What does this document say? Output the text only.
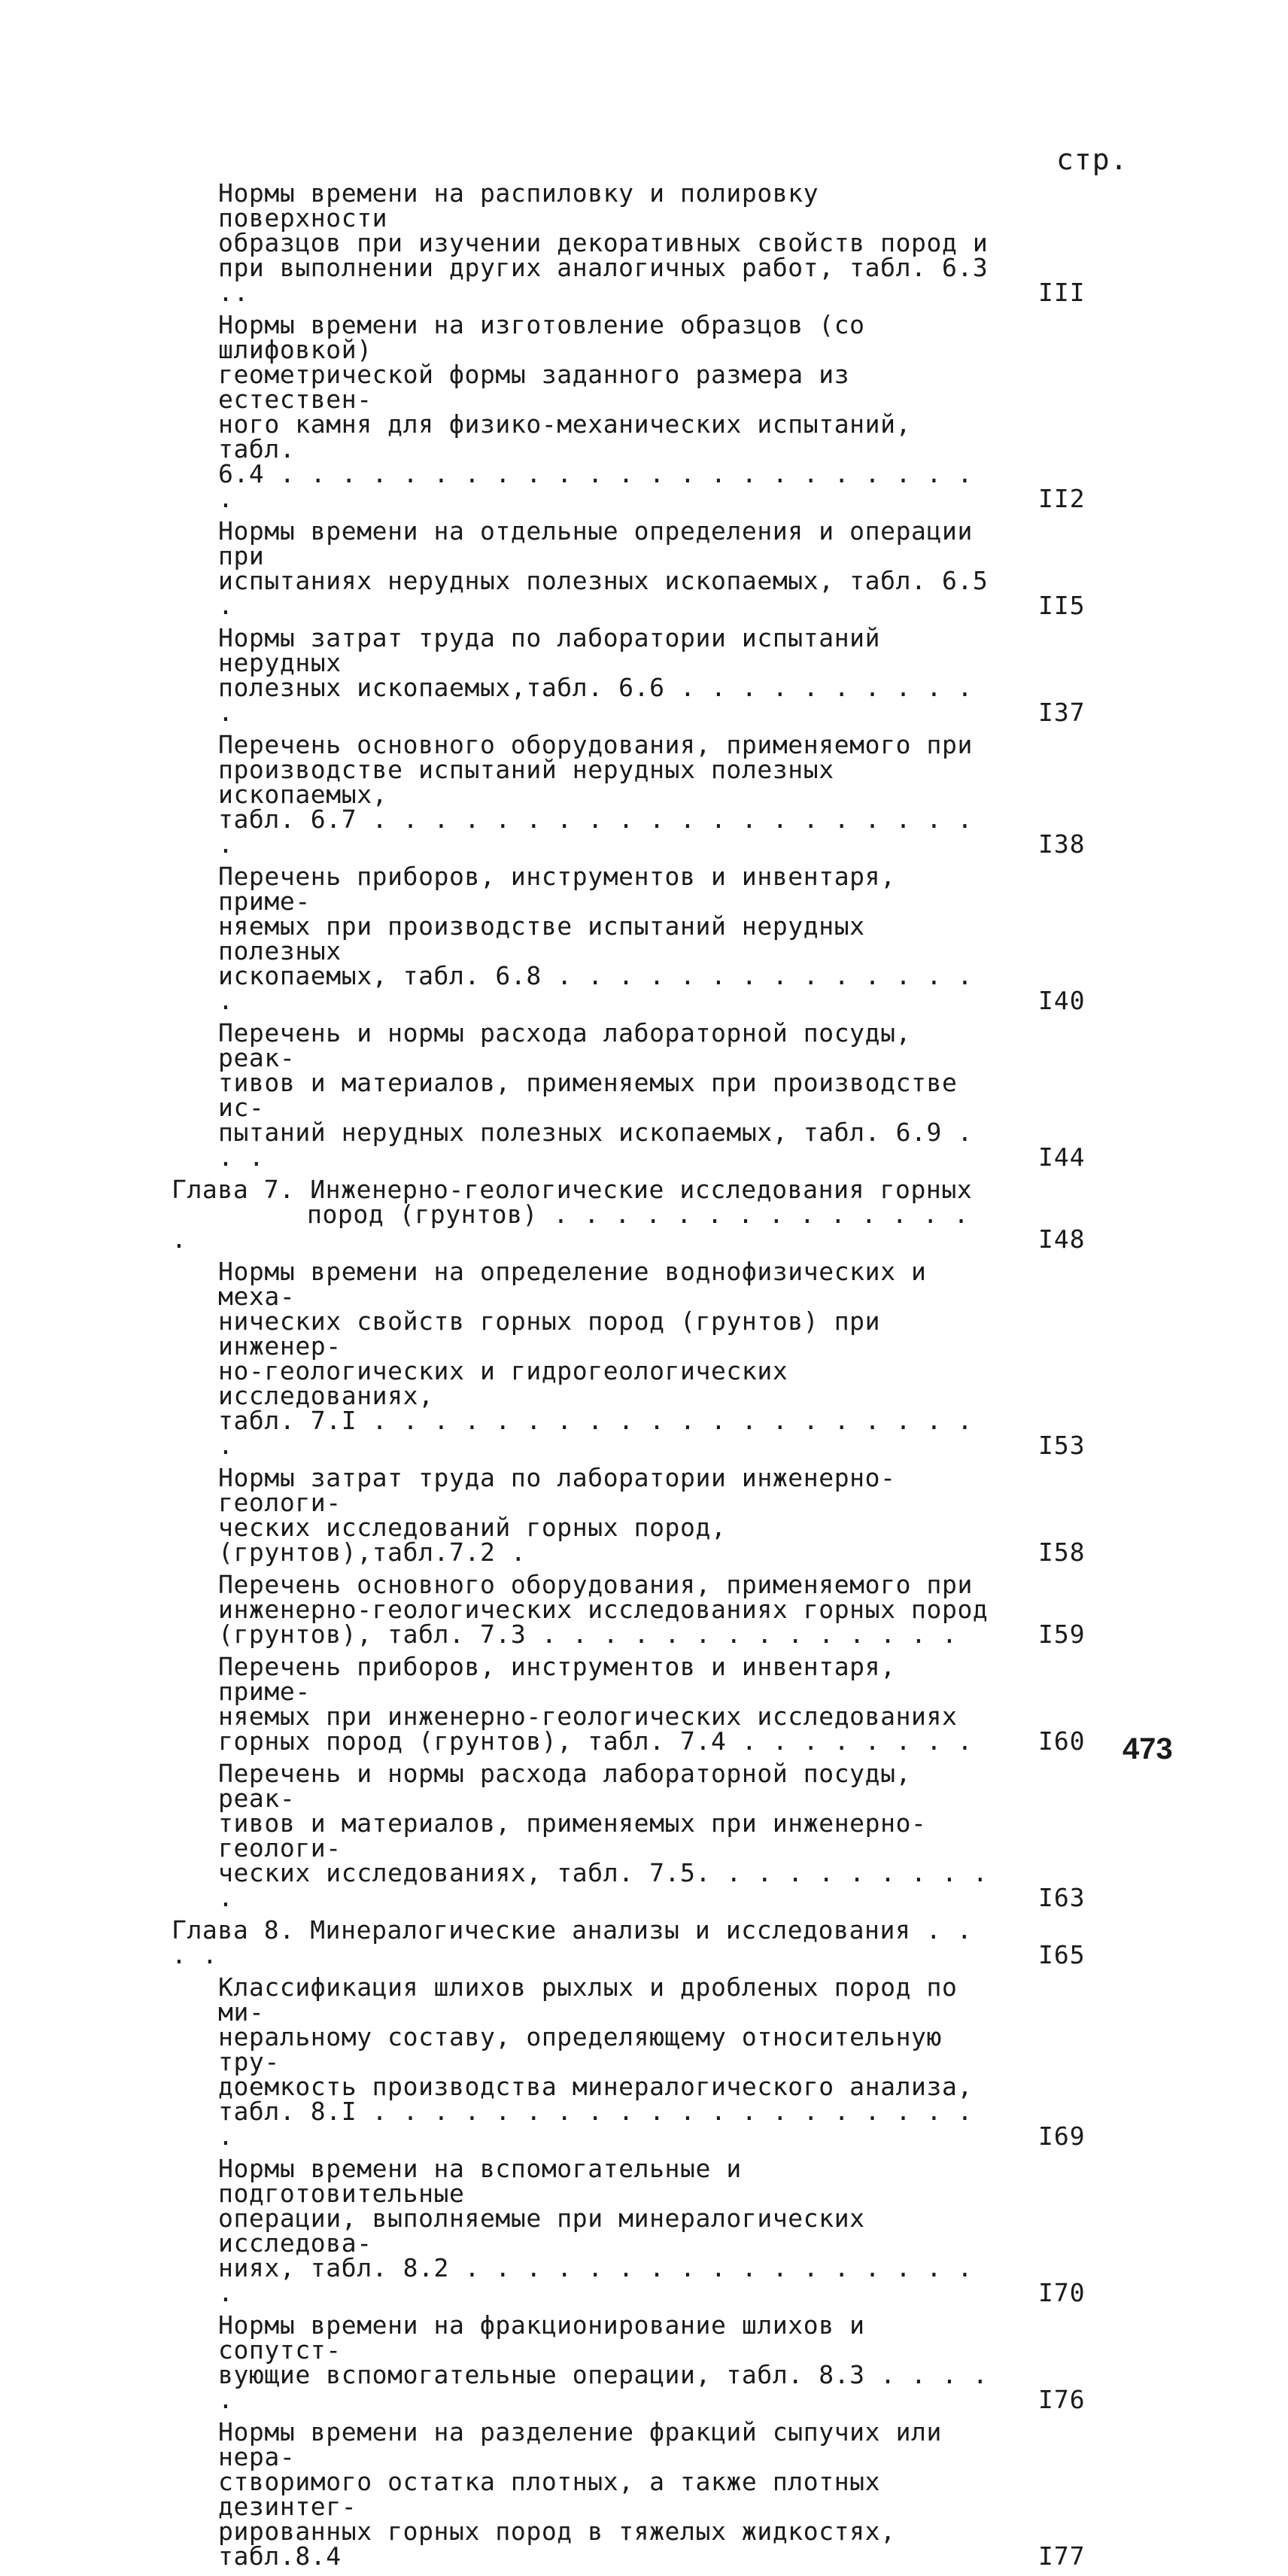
стр.
Нормы времени на распиловку и полировку поверхности
образцов при изучении декоративных свойств пород и
при выполнении других аналогичных работ, табл. 6.3 ..	III
Нормы времени на изготовление образцов (со шлифовкой)
геометрической формы заданного размера из естествен-
ного камня для физико-механических испытаний, табл.
6.4 . . . . . . . . . . . . . . . . . . . . . . . .	II2
Нормы времени на отдельные определения и операции при
испытаниях нерудных полезных ископаемых, табл. 6.5 .	II5
Нормы затрат труда по лаборатории испытаний нерудных
полезных ископаемых,табл. 6.6 . . . . . . . . . . .	I37
Перечень основного оборудования, применяемого при
производстве испытаний нерудных полезных ископаемых,
табл. 6.7 . . . . . . . . . . . . . . . . . . . . .	I38
Перечень приборов, инструментов и инвентаря, приме-
няемых при производстве испытаний нерудных полезных
ископаемых, табл. 6.8 . . . . . . . . . . . . . . .	I40
Перечень и нормы расхода лабораторной посуды, реак-
тивов и материалов, применяемых при производстве ис-
пытаний нерудных полезных ископаемых, табл. 6.9 . . .	I44
Глава 7. Инженерно-геологические исследования горных
пород (грунтов) . . . . . . . . . . . . . . .	I48
Нормы времени на определение воднофизических и меха-
нических свойств горных пород (грунтов) при инженер-
но-геологических и гидрогеологических исследованиях,
табл. 7.I . . . . . . . . . . . . . . . . . . . . .	I53
Нормы затрат труда по лаборатории инженерно-геологи-
ческих исследований горных пород,(грунтов),табл.7.2 .	I58
Перечень основного оборудования, применяемого при
инженерно-геологических исследованиях горных пород
(грунтов), табл. 7.3 . . . . . . . . . . . . . .	I59
Перечень приборов, инструментов и инвентаря, приме-
няемых при инженерно-геологических исследованиях
горных пород (грунтов), табл. 7.4 . . . . . . . .	I60
Перечень и нормы расхода лабораторной посуды, реак-
тивов и материалов, применяемых при инженерно-геологи-
ческих исследованиях, табл. 7.5. . . . . . . . . . .	I63
Глава 8. Минералогические анализы и исследования . . . .	I65
Классификация шлихов рыхлых и дробленых пород по ми-
неральному составу, определяющему относительную тру-
доемкость производства минералогического анализа,
табл. 8.I . . . . . . . . . . . . . . . . . . . . .	I69
Нормы времени на вспомогательные и подготовительные
операции, выполняемые при минералогических исследова-
ниях, табл. 8.2 . . . . . . . . . . . . . . . . . .	I70
Нормы времени на фракционирование шлихов и сопутст-
вующие вспомогательные операции, табл. 8.3 . . . . .	I76
Нормы времени на разделение фракций сыпучих или нера-
створимого остатка плотных, а также плотных дезинтег-
рированных горных пород в тяжелых жидкостях, табл.8.4	I77
473
